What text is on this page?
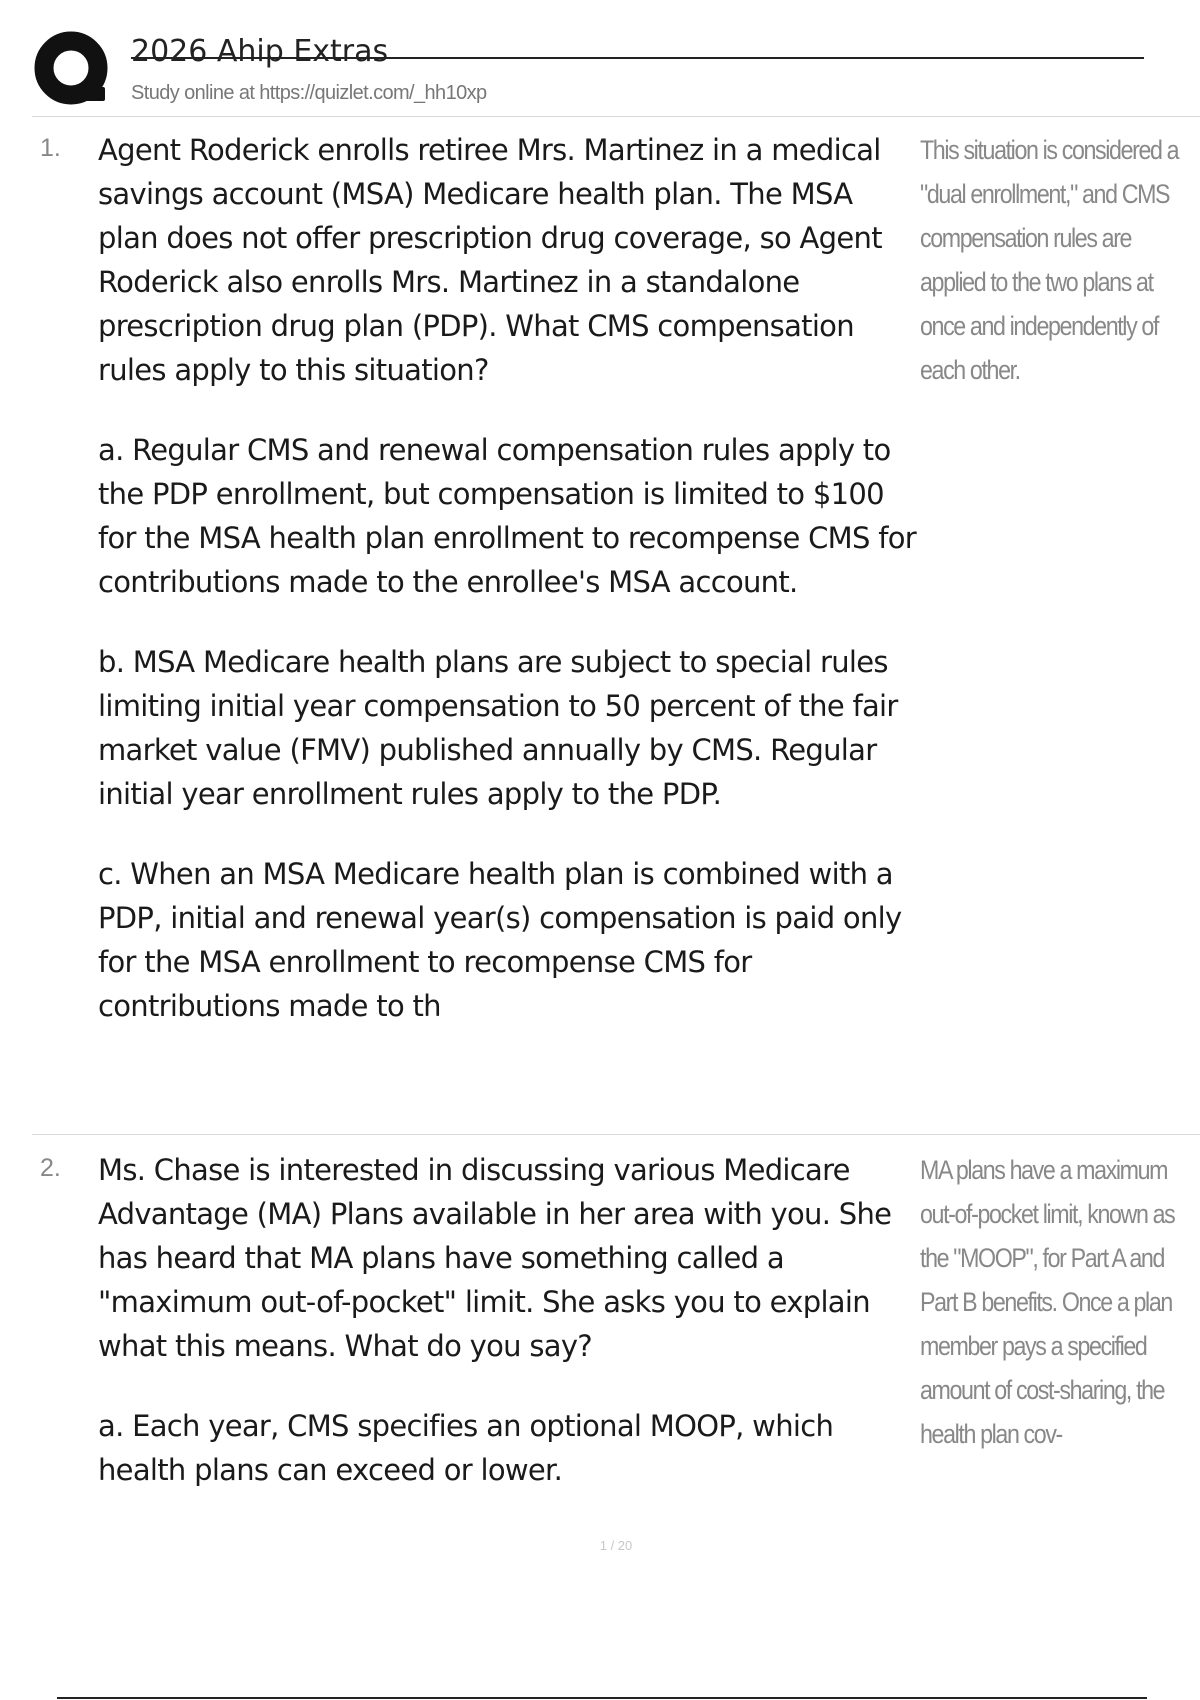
2026 Ahip Extras
Study online at https://quizlet.com/_hh10xp
1. Agent Roderick enrolls retiree Mrs. Martinez in a medical savings account (MSA) Medicare health plan. The MSA plan does not offer prescription drug coverage, so Agent Roderick also enrolls Mrs. Martinez in a standalone prescription drug plan (PDP). What CMS compensation rules apply to this situation?

a. Regular CMS and renewal compensation rules apply to the PDP enrollment, but compensation is limited to $100 for the MSA health plan enrollment to recompense CMS for contributions made to the enrollee's MSA account.

b. MSA Medicare health plans are subject to special rules limiting initial year compensation to 50 percent of the fair market value (FMV) published annually by CMS. Regular initial year enrollment rules apply to the PDP.

c. When an MSA Medicare health plan is combined with a PDP, initial and renewal year(s) compensation is paid only for the MSA enrollment to recompense CMS for contributions made to th

This situation is considered a "dual enrollment," and CMS compensation rules are applied to the two plans at once and independently of each other.

2. Ms. Chase is interested in discussing various Medicare Advantage (MA) Plans available in her area with you. She has heard that MA plans have something called a "maximum out-of-pocket" limit. She asks you to explain what this means. What do you say?

a. Each year, CMS specifies an optional MOOP, which health plans can exceed or lower.

MA plans have a maximum out-of-pocket limit, known as the "MOOP", for Part A and Part B benefits. Once a plan member pays a specified amount of cost-sharing, the health plan cov-

1 / 20
